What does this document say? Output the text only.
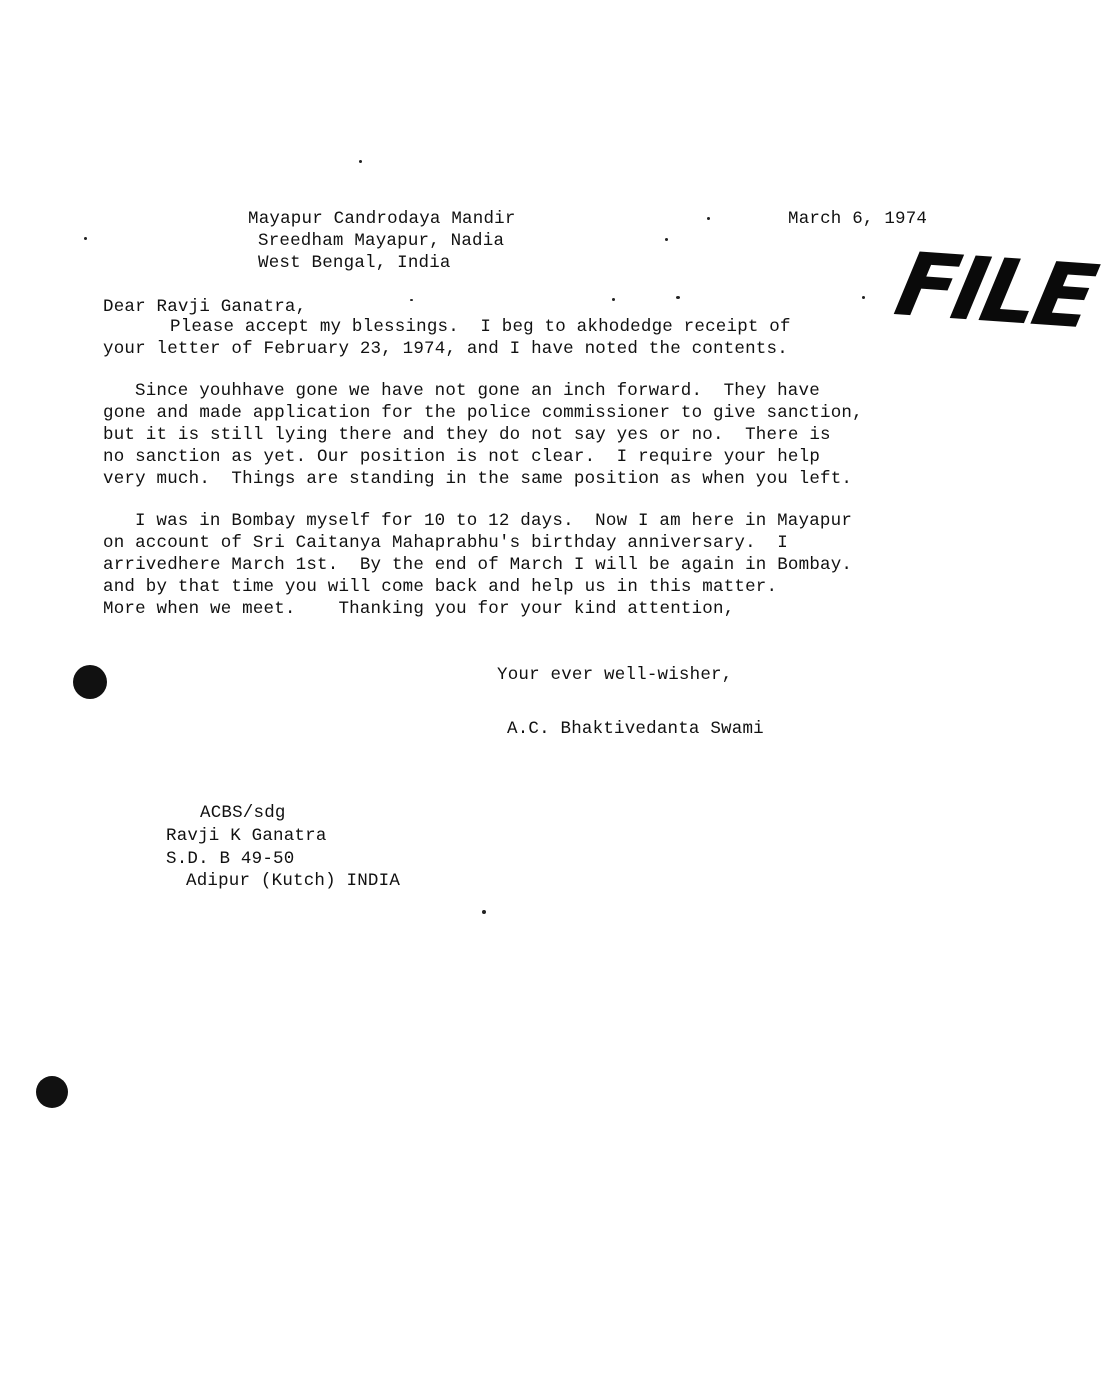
Mayapur Candrodaya Mandir
Sreedham Mayapur, Nadia
West Bengal, India
March 6, 1974
FILE
Dear Ravji Ganatra,
Please accept my blessings.  I beg to akhodedge receipt of
your letter of February 23, 1974, and I have noted the contents.
Since youhhave gone we have not gone an inch forward.  They have
gone and made application for the police commissioner to give sanction,
but it is still lying there and they do not say yes or no.  There is
no sanction as yet. Our position is not clear.  I require your help
very much.  Things are standing in the same position as when you left.
I was in Bombay myself for 10 to 12 days.  Now I am here in Mayapur
on account of Sri Caitanya Mahaprabhu's birthday anniversary.  I
arrivedhere March 1st.  By the end of March I will be again in Bombay.
and by that time you will come back and help us in this matter.
More when we meet.    Thanking you for your kind attention,
Your ever well-wisher,
A.C. Bhaktivedanta Swami
ACBS/sdg
Ravji K Ganatra
S.D. B 49-50
Adipur (Kutch) INDIA
